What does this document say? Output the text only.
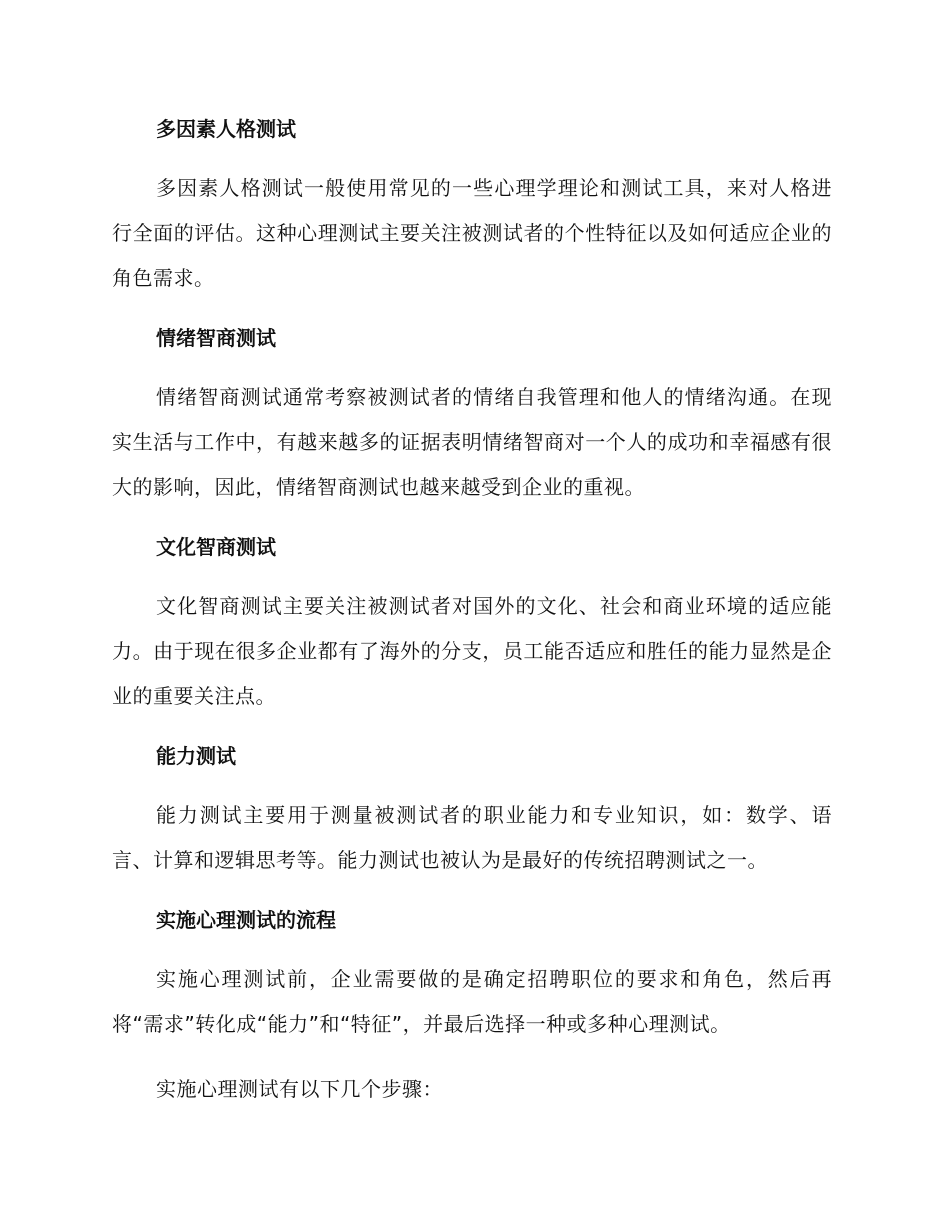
多因素人格测试

多因素人格测试一般使用常见的一些心理学理论和测试工具，来对人格进行全面的评估。这种心理测试主要关注被测试者的个性特征以及如何适应企业的角色需求。

情绪智商测试

情绪智商测试通常考察被测试者的情绪自我管理和他人的情绪沟通。在现实生活与工作中，有越来越多的证据表明情绪智商对一个人的成功和幸福感有很大的影响，因此，情绪智商测试也越来越受到企业的重视。

文化智商测试

文化智商测试主要关注被测试者对国外的文化、社会和商业环境的适应能力。由于现在很多企业都有了海外的分支，员工能否适应和胜任的能力显然是企业的重要关注点。

能力测试

能力测试主要用于测量被测试者的职业能力和专业知识，如：数学、语言、计算和逻辑思考等。能力测试也被认为是最好的传统招聘测试之一。

实施心理测试的流程

实施心理测试前，企业需要做的是确定招聘职位的要求和角色，然后再将“需求”转化成“能力”和“特征”，并最后选择一种或多种心理测试。

实施心理测试有以下几个步骤：
